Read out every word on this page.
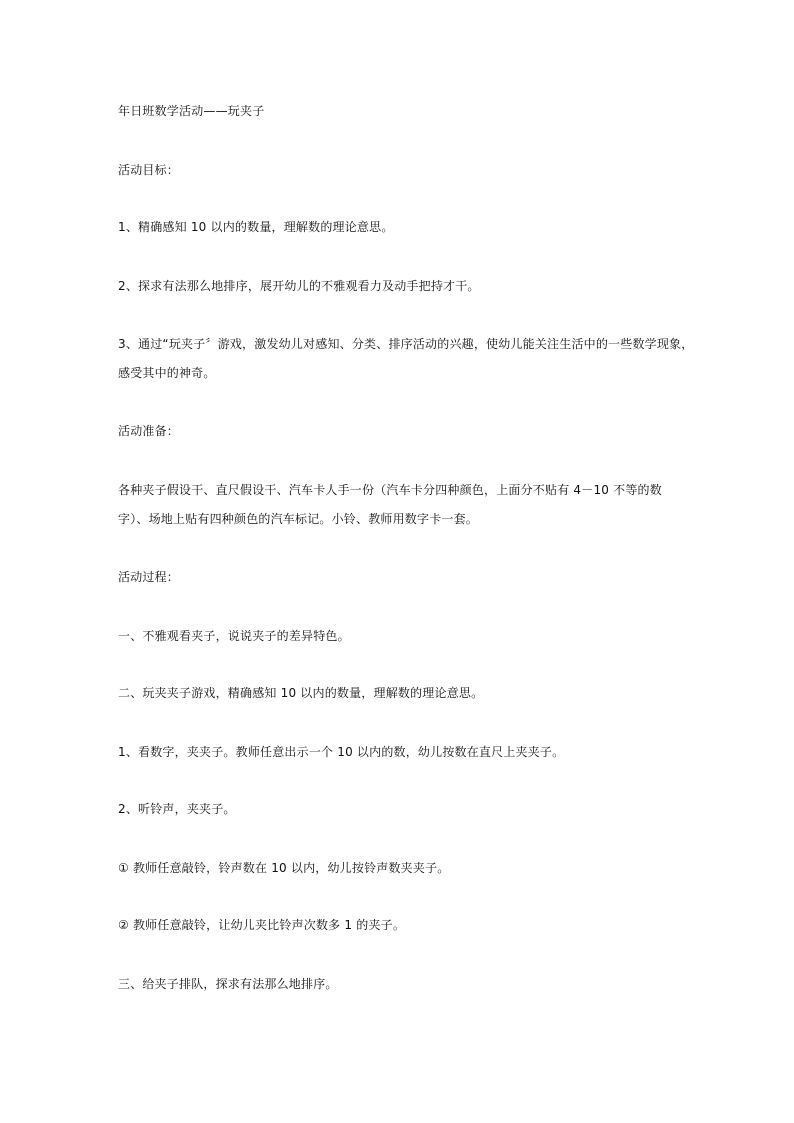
年日班数学活动——玩夹子
活动目标：
1、精确感知 10 以内的数量，理解数的理论意思。
2、探求有法那么地排序，展开幼儿的不雅观看力及动手把持才干。
3、通过“玩夹子〞游戏，激发幼儿对感知、分类、排序活动的兴趣，使幼儿能关注生活中的一些数学现象，
感受其中的神奇。
活动准备：
各种夹子假设干、直尺假设干、汽车卡人手一份（汽车卡分四种颜色，上面分不贴有 4－10 不等的数
字）、场地上贴有四种颜色的汽车标记。小铃、教师用数字卡一套。
活动过程：
一、不雅观看夹子，说说夹子的差异特色。
二、玩夹夹子游戏，精确感知 10 以内的数量，理解数的理论意思。
1、看数字，夹夹子。教师任意出示一个 10 以内的数，幼儿按数在直尺上夹夹子。
2、听铃声，夹夹子。
① 教师任意敲铃，铃声数在 10 以内，幼儿按铃声数夹夹子。
② 教师任意敲铃，让幼儿夹比铃声次数多 1 的夹子。
三、给夹子排队，探求有法那么地排序。
